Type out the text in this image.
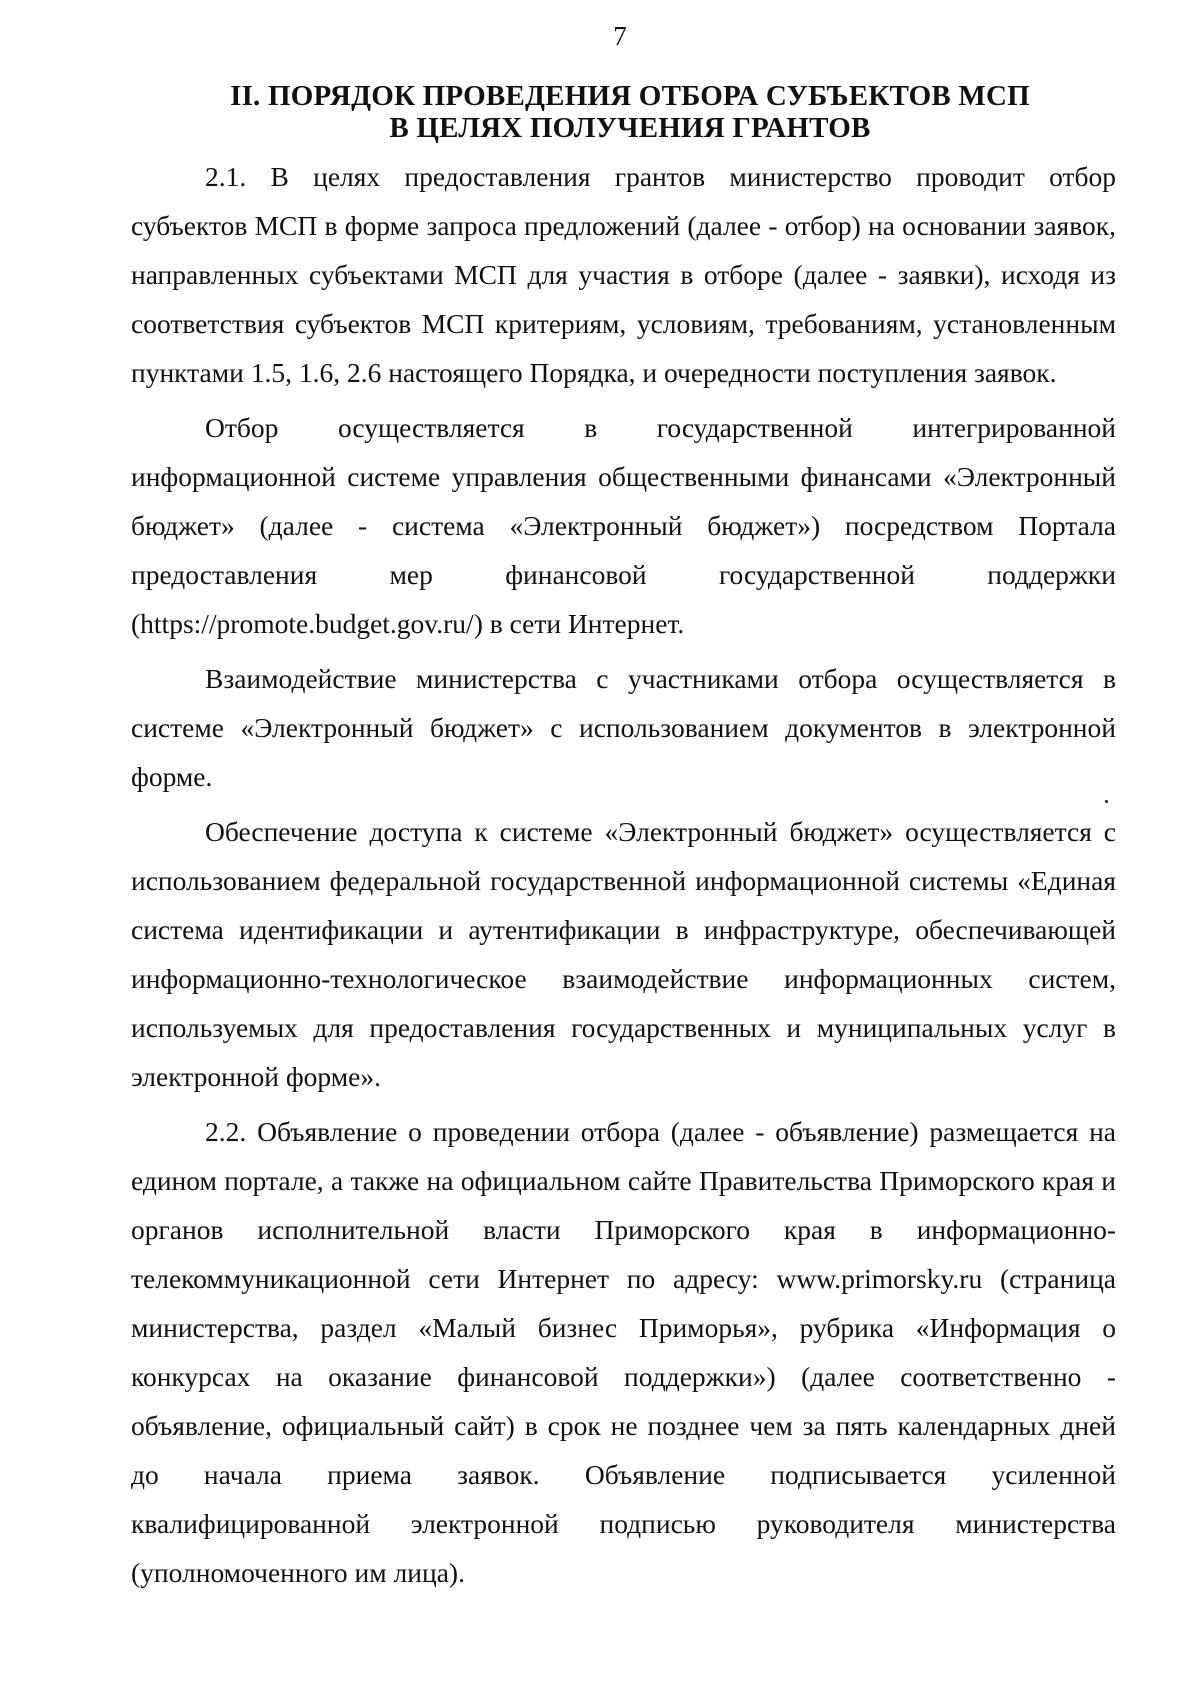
7
II. ПОРЯДОК ПРОВЕДЕНИЯ ОТБОРА СУБЪЕКТОВ МСП
В ЦЕЛЯХ ПОЛУЧЕНИЯ ГРАНТОВ

2.1. В целях предоставления грантов министерство проводит отбор субъектов МСП в форме запроса предложений (далее - отбор) на основании заявок, направленных субъектами МСП для участия в отборе (далее - заявки), исходя из соответствия субъектов МСП критериям, условиям, требованиям, установленным пунктами 1.5, 1.6, 2.6 настоящего Порядка, и очередности поступления заявок.

Отбор осуществляется в государственной интегрированной информационной системе управления общественными финансами «Электронный бюджет» (далее - система «Электронный бюджет») посредством Портала предоставления мер финансовой государственной поддержки (https://promote.budget.gov.ru/) в сети Интернет.

Взаимодействие министерства с участниками отбора осуществляется в системе «Электронный бюджет» с использованием документов в электронной форме.

Обеспечение доступа к системе «Электронный бюджет» осуществляется с использованием федеральной государственной информационной системы «Единая система идентификации и аутентификации в инфраструктуре, обеспечивающей информационно-технологическое взаимодействие информационных систем, используемых для предоставления государственных и муниципальных услуг в электронной форме».

2.2. Объявление о проведении отбора (далее - объявление) размещается на едином портале, а также на официальном сайте Правительства Приморского края и органов исполнительной власти Приморского края в информационно-телекоммуникационной сети Интернет по адресу: www.primorsky.ru (страница министерства, раздел «Малый бизнес Приморья», рубрика «Информация о конкурсах на оказание финансовой поддержки») (далее соответственно - объявление, официальный сайт) в срок не позднее чем за пять календарных дней до начала приема заявок. Объявление подписывается усиленной квалифицированной электронной подписью руководителя министерства (уполномоченного им лица).
